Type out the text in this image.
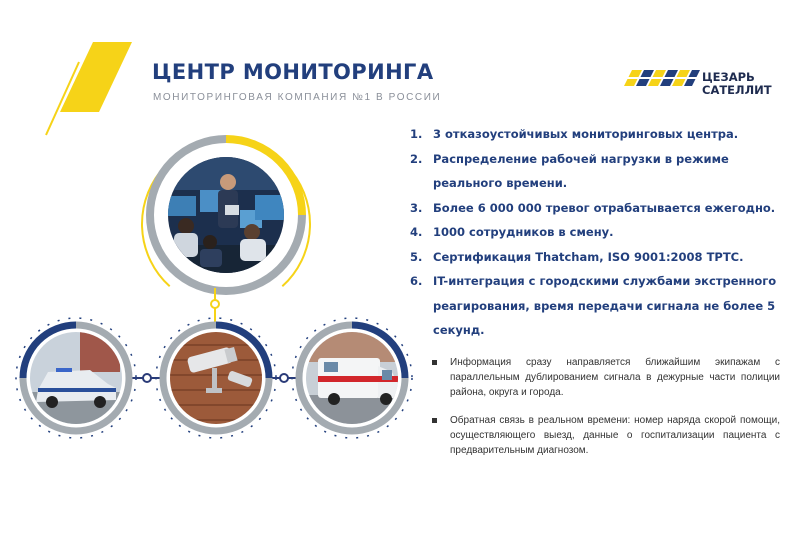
ЦЕНТР МОНИТОРИНГА
МОНИТОРИНГОВАЯ КОМПАНИЯ №1 В РОССИИ
ЦЕЗАРЬ
САТЕЛЛИТ
1. 3 отказоустойчивых мониторинговых центра.
2. Распределение рабочей нагрузки в режиме реального времени.
3. Более 6 000 000 тревог отрабатывается ежегодно.
4. 1000 сотрудников в смену.
5. Сертификация Thatcham, ISO 9001:2008 ТРТС.
6. IT-интеграция с городскими службами экстренного реагирования, время передачи сигнала не более 5 секунд.
Информация сразу направляется ближайшим экипажам с параллельным дублированием сигнала в дежурные части полиции района, округа и города.
Обратная связь в реальном времени: номер наряда скорой помощи, осуществляющего выезд, данные о госпитализации пациента с предварительным диагнозом.
